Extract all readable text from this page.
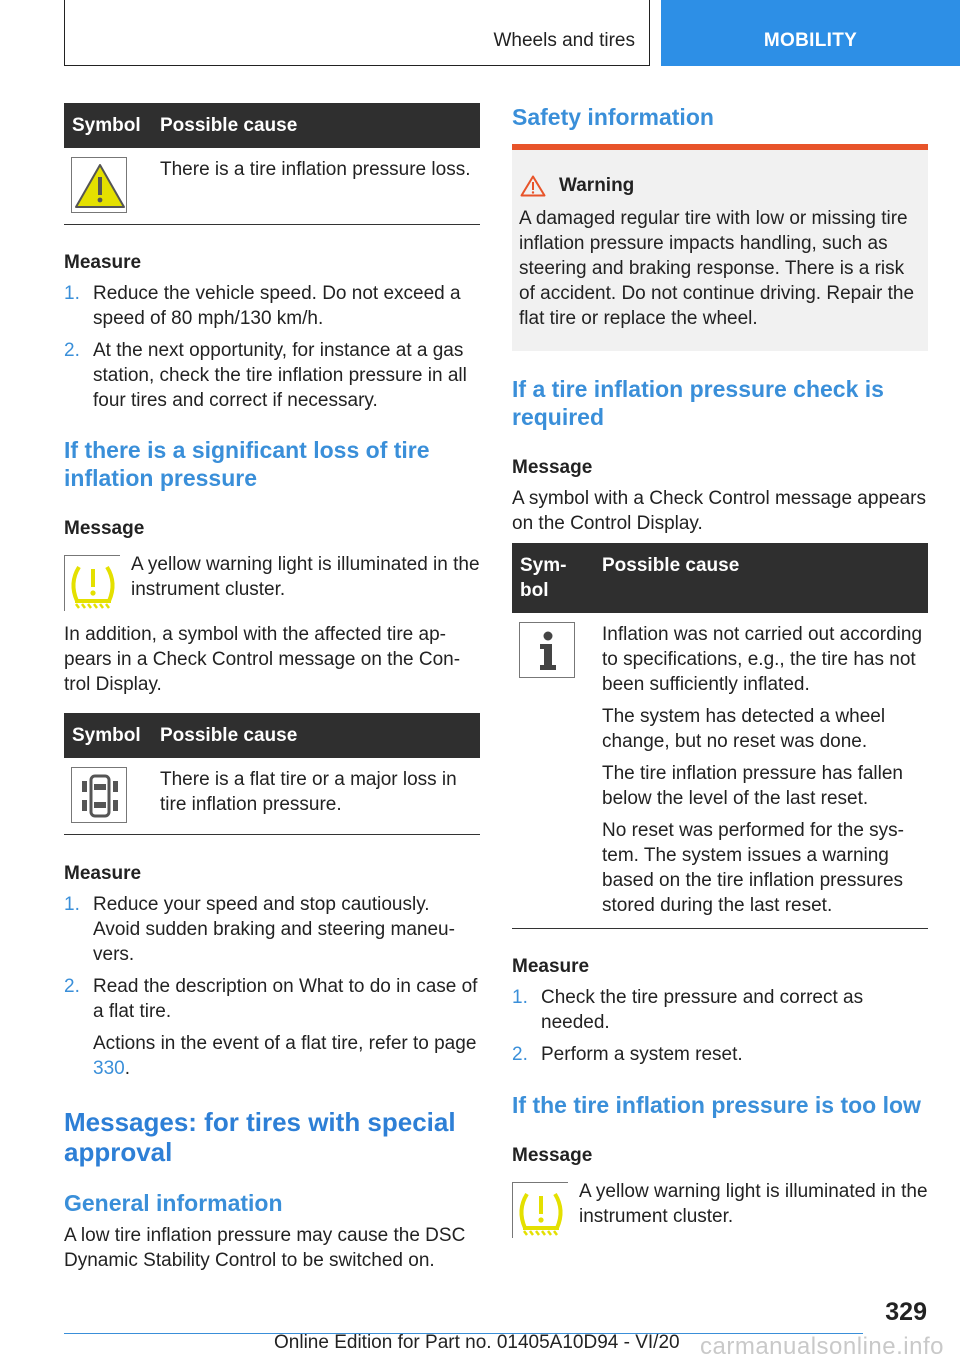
Wheels and tires	MOBILITY
Symbol	Possible cause

There is a tire inflation pressure loss.

Measure
1. Reduce the vehicle speed. Do not exceed a speed of 80 mph/130 km/h.
2. At the next opportunity, for instance at a gas station, check the tire inflation pressure in all four tires and correct if necessary.
If there is a significant loss of tire inflation pressure
Message

A yellow warning light is illuminated in the instrument cluster.

In addition, a symbol with the affected tire appears in a Check Control message on the Control Display.

Symbol	Possible cause

There is a flat tire or a major loss in tire inflation pressure.

Measure
1. Reduce your speed and stop cautiously. Avoid sudden braking and steering maneuvers.
2. Read the description on What to do in case of a flat tire.
Actions in the event of a flat tire, refer to page 330.
Messages: for tires with special approval
General information

A low tire inflation pressure may cause the DSC Dynamic Stability Control to be switched on.

Safety information
Warning

A damaged regular tire with low or missing tire inflation pressure impacts handling, such as steering and braking response. There is a risk of accident. Do not continue driving. Repair the flat tire or replace the wheel.

If a tire inflation pressure check is required
Message

A symbol with a Check Control message appears on the Control Display.

Symbol	Possible cause

Inflation was not carried out according to specifications, e.g., the tire has not been sufficiently inflated.

The system has detected a wheel change, but no reset was done.

The tire inflation pressure has fallen below the level of the last reset.

No reset was performed for the system. The system issues a warning based on the tire inflation pressures stored during the last reset.

Measure
1. Check the tire pressure and correct as needed.
2. Perform a system reset.
If the tire inflation pressure is too low
Message

A yellow warning light is illuminated in the instrument cluster.

329
Online Edition for Part no. 01405A10D94 - VI/20 carmanualsonline.info
